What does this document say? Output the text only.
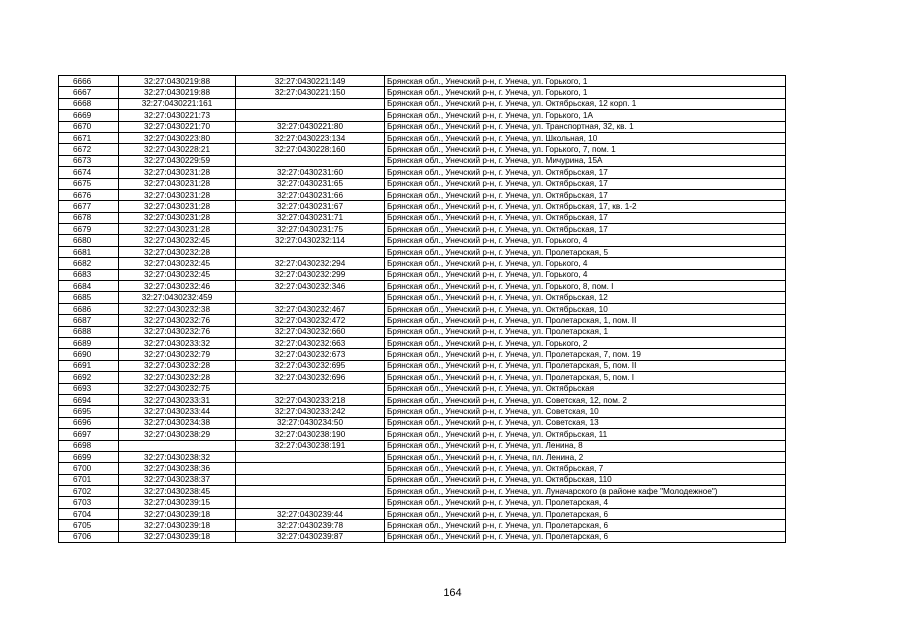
6666	32:27:0430219:88	32:27:0430221:149	Брянская обл., Унечский р-н, г. Унеча, ул. Горького, 1
6667	32:27:0430219:88	32:27:0430221:150	Брянская обл., Унечский р-н, г. Унеча, ул. Горького, 1
6668	32:27:0430221:161		Брянская обл., Унечский р-н, г. Унеча, ул. Октябрьская, 12 корп. 1
6669	32:27:0430221:73		Брянская обл., Унечский р-н, г. Унеча, ул. Горького, 1А
6670	32:27:0430221:70	32:27:0430221:80	Брянская обл., Унечский р-н, г. Унеча, ул. Транспортная, 32, кв. 1
6671	32:27:0430223:80	32:27:0430223:134	Брянская обл., Унечский р-н, г. Унеча, ул. Школьная, 10
6672	32:27:0430228:21	32:27:0430228:160	Брянская обл., Унечский р-н, г. Унеча, ул. Горького, 7, пом. 1
6673	32:27:0430229:59		Брянская обл., Унечский р-н, г. Унеча, ул. Мичурина, 15А
6674	32:27:0430231:28	32:27:0430231:60	Брянская обл., Унечский р-н, г. Унеча, ул. Октябрьская, 17
6675	32:27:0430231:28	32:27:0430231:65	Брянская обл., Унечский р-н, г. Унеча, ул. Октябрьская, 17
6676	32:27:0430231:28	32:27:0430231:66	Брянская обл., Унечский р-н, г. Унеча, ул. Октябрьская, 17
6677	32:27:0430231:28	32:27:0430231:67	Брянская обл., Унечский р-н, г. Унеча, ул. Октябрьская, 17, кв. 1-2
6678	32:27:0430231:28	32:27:0430231:71	Брянская обл., Унечский р-н, г. Унеча, ул. Октябрьская, 17
6679	32:27:0430231:28	32:27:0430231:75	Брянская обл., Унечский р-н, г. Унеча, ул. Октябрьская, 17
6680	32:27:0430232:45	32:27:0430232:114	Брянская обл., Унечский р-н, г. Унеча, ул. Горького, 4
6681	32:27:0430232:28		Брянская обл., Унечский р-н, г. Унеча, ул. Пролетарская, 5
6682	32:27:0430232:45	32:27:0430232:294	Брянская обл., Унечский р-н, г. Унеча, ул. Горького, 4
6683	32:27:0430232:45	32:27:0430232:299	Брянская обл., Унечский р-н, г. Унеча, ул. Горького, 4
6684	32:27:0430232:46	32:27:0430232:346	Брянская обл., Унечский р-н, г. Унеча, ул. Горького, 8, пом. I
6685	32:27:0430232:459		Брянская обл., Унечский р-н, г. Унеча, ул. Октябрьская, 12
6686	32:27:0430232:38	32:27:0430232:467	Брянская обл., Унечский р-н, г. Унеча, ул. Октябрьская, 10
6687	32:27:0430232:76	32:27:0430232:472	Брянская обл., Унечский р-н, г. Унеча, ул. Пролетарская, 1, пом. II
6688	32:27:0430232:76	32:27:0430232:660	Брянская обл., Унечский р-н, г. Унеча, ул. Пролетарская, 1
6689	32:27:0430233:32	32:27:0430232:663	Брянская обл., Унечский р-н, г. Унеча, ул. Горького, 2
6690	32:27:0430232:79	32:27:0430232:673	Брянская обл., Унечский р-н, г. Унеча, ул. Пролетарская, 7, пом. 19
6691	32:27:0430232:28	32:27:0430232:695	Брянская обл., Унечский р-н, г. Унеча, ул. Пролетарская, 5, пом. II
6692	32:27:0430232:28	32:27:0430232:696	Брянская обл., Унечский р-н, г. Унеча, ул. Пролетарская, 5, пом. I
6693	32:27:0430232:75		Брянская обл., Унечский р-н, г. Унеча, ул. Октябрьская
6694	32:27:0430233:31	32:27:0430233:218	Брянская обл., Унечский р-н, г. Унеча, ул. Советская, 12, пом. 2
6695	32:27:0430233:44	32:27:0430233:242	Брянская обл., Унечский р-н, г. Унеча, ул. Советская, 10
6696	32:27:0430234:38	32:27:0430234:50	Брянская обл., Унечский р-н, г. Унеча, ул. Советская, 13
6697	32:27:0430238:29	32:27:0430238:190	Брянская обл., Унечский р-н, г. Унеча, ул. Октябрьская, 11
6698		32:27:0430238:191	Брянская обл., Унечский р-н, г. Унеча, ул. Ленина, 8
6699	32:27:0430238:32		Брянская обл., Унечский р-н, г. Унеча, пл. Ленина, 2
6700	32:27:0430238:36		Брянская обл., Унечский р-н, г. Унеча, ул. Октябрьская, 7
6701	32:27:0430238:37		Брянская обл., Унечский р-н, г. Унеча, ул. Октябрьская, 110
6702	32:27:0430238:45		Брянская обл., Унечский р-н, г. Унеча, ул. Луначарского (в районе кафе "Молодежное")
6703	32:27:0430239:15		Брянская обл., Унечский р-н, г. Унеча, ул. Пролетарская, 4
6704	32:27:0430239:18	32:27:0430239:44	Брянская обл., Унечский р-н, г. Унеча, ул. Пролетарская, 6
6705	32:27:0430239:18	32:27:0430239:78	Брянская обл., Унечский р-н, г. Унеча, ул. Пролетарская, 6
6706	32:27:0430239:18	32:27:0430239:87	Брянская обл., Унечский р-н, г. Унеча, ул. Пролетарская, 6
164
